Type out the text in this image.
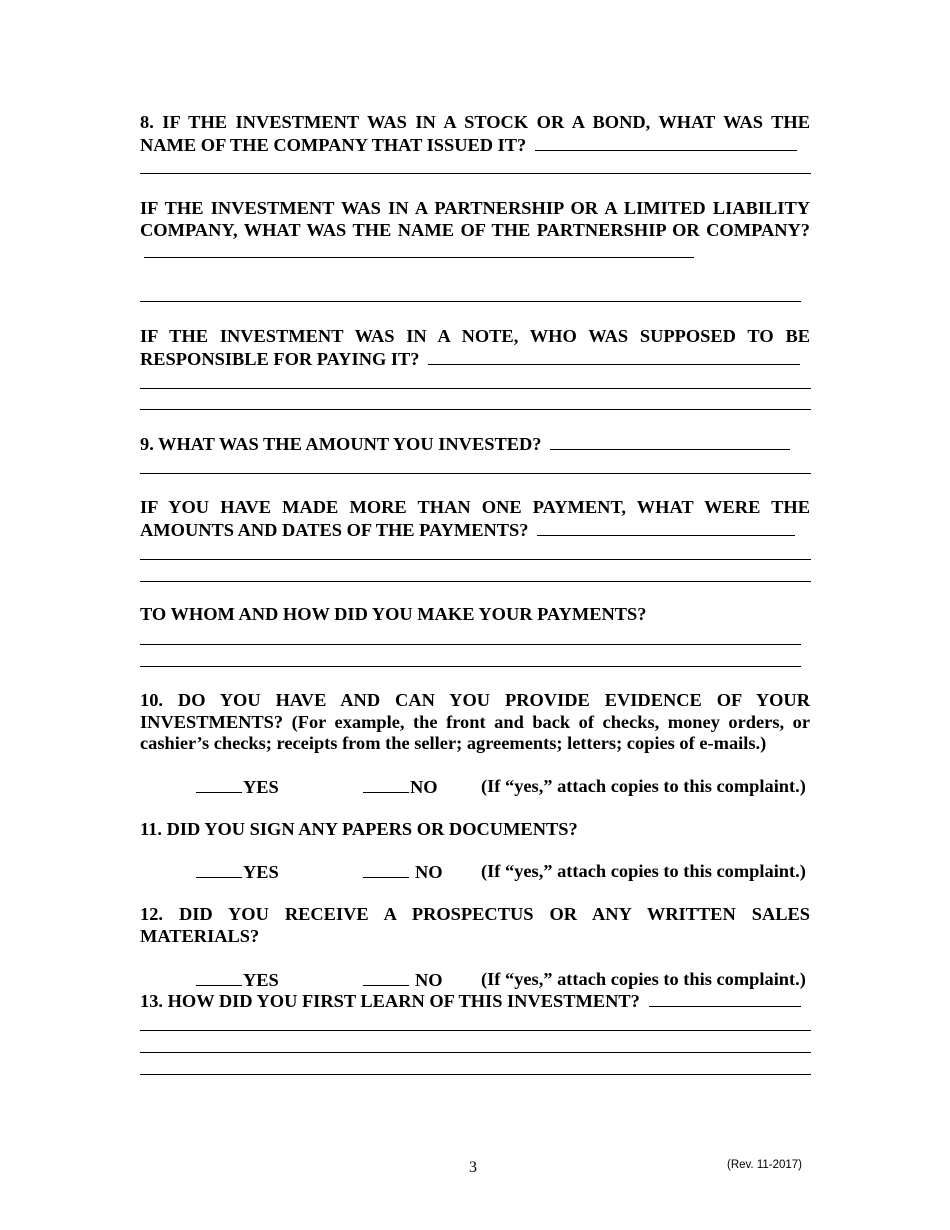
8. IF THE INVESTMENT WAS IN A STOCK OR A BOND, WHAT WAS THE NAME OF THE COMPANY THAT ISSUED IT?
IF THE INVESTMENT WAS IN A PARTNERSHIP OR A LIMITED LIABILITY COMPANY, WHAT WAS THE NAME OF THE PARTNERSHIP OR COMPANY?
IF THE INVESTMENT WAS IN A NOTE, WHO WAS SUPPOSED TO BE RESPONSIBLE FOR PAYING IT?
9. WHAT WAS THE AMOUNT YOU INVESTED?
IF YOU HAVE MADE MORE THAN ONE PAYMENT, WHAT WERE THE AMOUNTS AND DATES OF THE PAYMENTS?
TO WHOM AND HOW DID YOU MAKE YOUR PAYMENTS?
10. DO YOU HAVE AND CAN YOU PROVIDE EVIDENCE OF YOUR INVESTMENTS? (For example, the front and back of checks, money orders, or cashier’s checks; receipts from the seller; agreements; letters; copies of e-mails.)
YES	NO (If “yes,” attach copies to this complaint.)
11. DID YOU SIGN ANY PAPERS OR DOCUMENTS?
YES	NO (If “yes,” attach copies to this complaint.)
12. DID YOU RECEIVE A PROSPECTUS OR ANY WRITTEN SALES MATERIALS?
YES	NO (If “yes,” attach copies to this complaint.)
13. HOW DID YOU FIRST LEARN OF THIS INVESTMENT?
3	(Rev. 11-2017)
